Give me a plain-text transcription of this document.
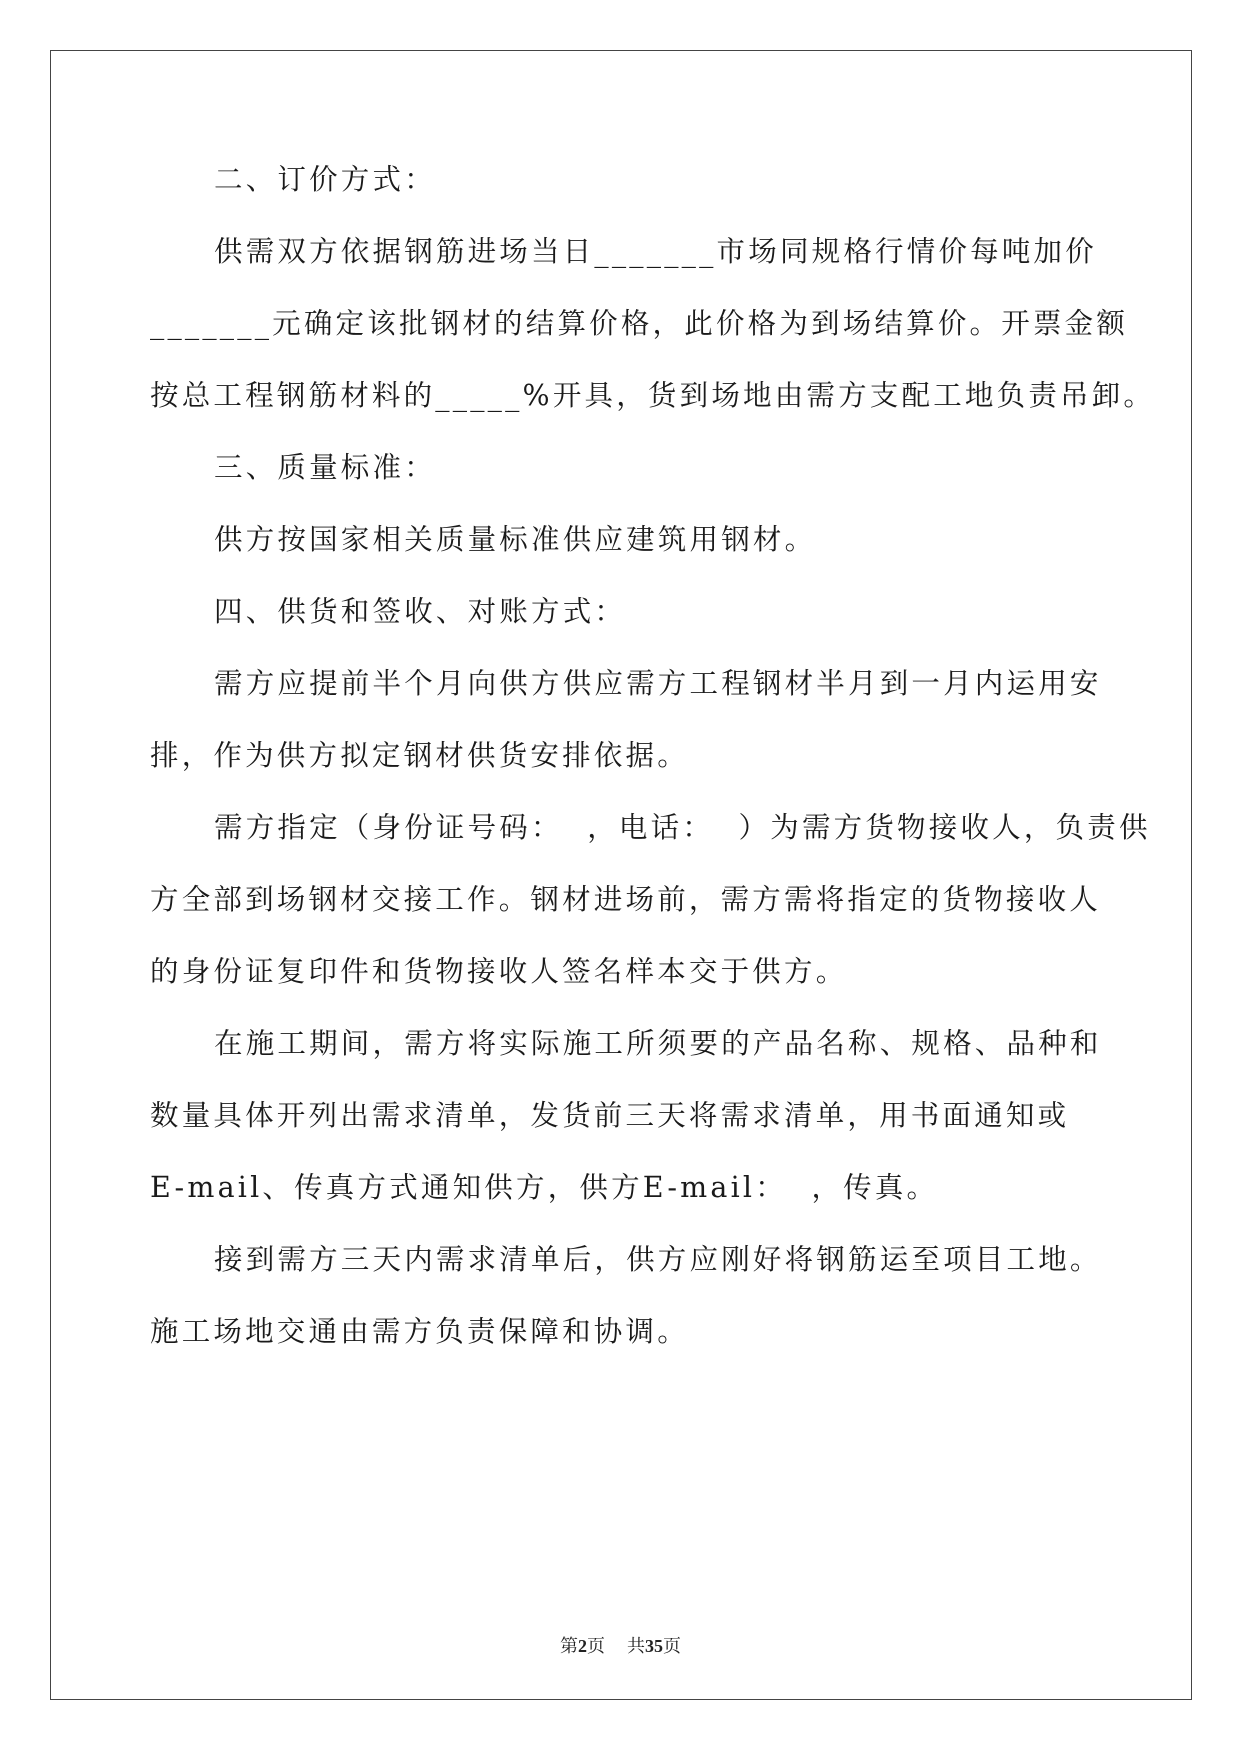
二、订价方式：
供需双方依据钢筋进场当日_______市场同规格行情价每吨加价
_______元确定该批钢材的结算价格，此价格为到场结算价。开票金额
按总工程钢筋材料的_____%开具，货到场地由需方支配工地负责吊卸。
三、质量标准：
供方按国家相关质量标准供应建筑用钢材。
四、供货和签收、对账方式：
需方应提前半个月向供方供应需方工程钢材半月到一月内运用安
排，作为供方拟定钢材供货安排依据。
需方指定（身份证号码：  ，电话：  ）为需方货物接收人，负责供
方全部到场钢材交接工作。钢材进场前，需方需将指定的货物接收人
的身份证复印件和货物接收人签名样本交于供方。
在施工期间，需方将实际施工所须要的产品名称、规格、品种和
数量具体开列出需求清单，发货前三天将需求清单，用书面通知或
E-mail、传真方式通知供方，供方E-mail：  ，传真。
接到需方三天内需求清单后，供方应刚好将钢筋运至项目工地。
施工场地交通由需方负责保障和协调。
第2页 共35页
